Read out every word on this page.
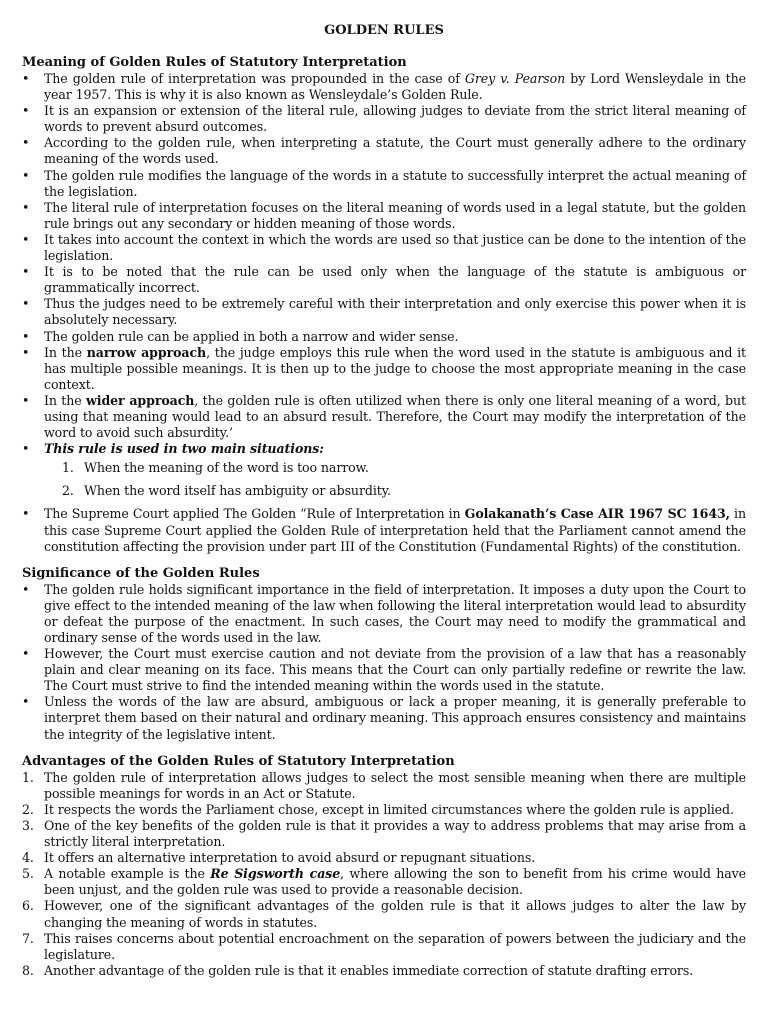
GOLDEN RULES
Meaning of Golden Rules of Statutory Interpretation
•	The golden rule of interpretation was propounded in the case of Grey v. Pearson by Lord Wensleydale in the year 1957. This is why it is also known as Wensleydale’s Golden Rule.
•	It is an expansion or extension of the literal rule, allowing judges to deviate from the strict literal meaning of words to prevent absurd outcomes.
•	According to the golden rule, when interpreting a statute, the Court must generally adhere to the ordinary meaning of the words used.
•	The golden rule modifies the language of the words in a statute to successfully interpret the actual meaning of the legislation.
•	The literal rule of interpretation focuses on the literal meaning of words used in a legal statute, but the golden rule brings out any secondary or hidden meaning of those words.
•	It takes into account the context in which the words are used so that justice can be done to the intention of the legislation.
•	It is to be noted that the rule can be used only when the language of the statute is ambiguous or grammatically incorrect.
•	Thus the judges need to be extremely careful with their interpretation and only exercise this power when it is absolutely necessary.
•	The golden rule can be applied in both a narrow and wider sense.
•	In the narrow approach, the judge employs this rule when the word used in the statute is ambiguous and it has multiple possible meanings. It is then up to the judge to choose the most appropriate meaning in the case context.
•	In the wider approach, the golden rule is often utilized when there is only one literal meaning of a word, but using that meaning would lead to an absurd result. Therefore, the Court may modify the interpretation of the word to avoid such absurdity.’
•	This rule is used in two main situations:
1. When the meaning of the word is too narrow.
2. When the word itself has ambiguity or absurdity.
•	The Supreme Court applied The Golden “Rule of Interpretation in Golakanath’s Case AIR 1967 SC 1643, in this case Supreme Court applied the Golden Rule of interpretation held that the Parliament cannot amend the constitution affecting the provision under part III of the Constitution (Fundamental Rights) of the constitution.
Significance of the Golden Rules
•	The golden rule holds significant importance in the field of interpretation. It imposes a duty upon the Court to give effect to the intended meaning of the law when following the literal interpretation would lead to absurdity or defeat the purpose of the enactment. In such cases, the Court may need to modify the grammatical and ordinary sense of the words used in the law.
•	However, the Court must exercise caution and not deviate from the provision of a law that has a reasonably plain and clear meaning on its face. This means that the Court can only partially redefine or rewrite the law. The Court must strive to find the intended meaning within the words used in the statute.
•	Unless the words of the law are absurd, ambiguous or lack a proper meaning, it is generally preferable to interpret them based on their natural and ordinary meaning. This approach ensures consistency and maintains the integrity of the legislative intent.
Advantages of the Golden Rules of Statutory Interpretation
1. The golden rule of interpretation allows judges to select the most sensible meaning when there are multiple possible meanings for words in an Act or Statute.
2. It respects the words the Parliament chose, except in limited circumstances where the golden rule is applied.
3. One of the key benefits of the golden rule is that it provides a way to address problems that may arise from a strictly literal interpretation.
4. It offers an alternative interpretation to avoid absurd or repugnant situations.
5. A notable example is the Re Sigsworth case, where allowing the son to benefit from his crime would have been unjust, and the golden rule was used to provide a reasonable decision.
6. However, one of the significant advantages of the golden rule is that it allows judges to alter the law by changing the meaning of words in statutes.
7. This raises concerns about potential encroachment on the separation of powers between the judiciary and the legislature.
8. Another advantage of the golden rule is that it enables immediate correction of statute drafting errors.
